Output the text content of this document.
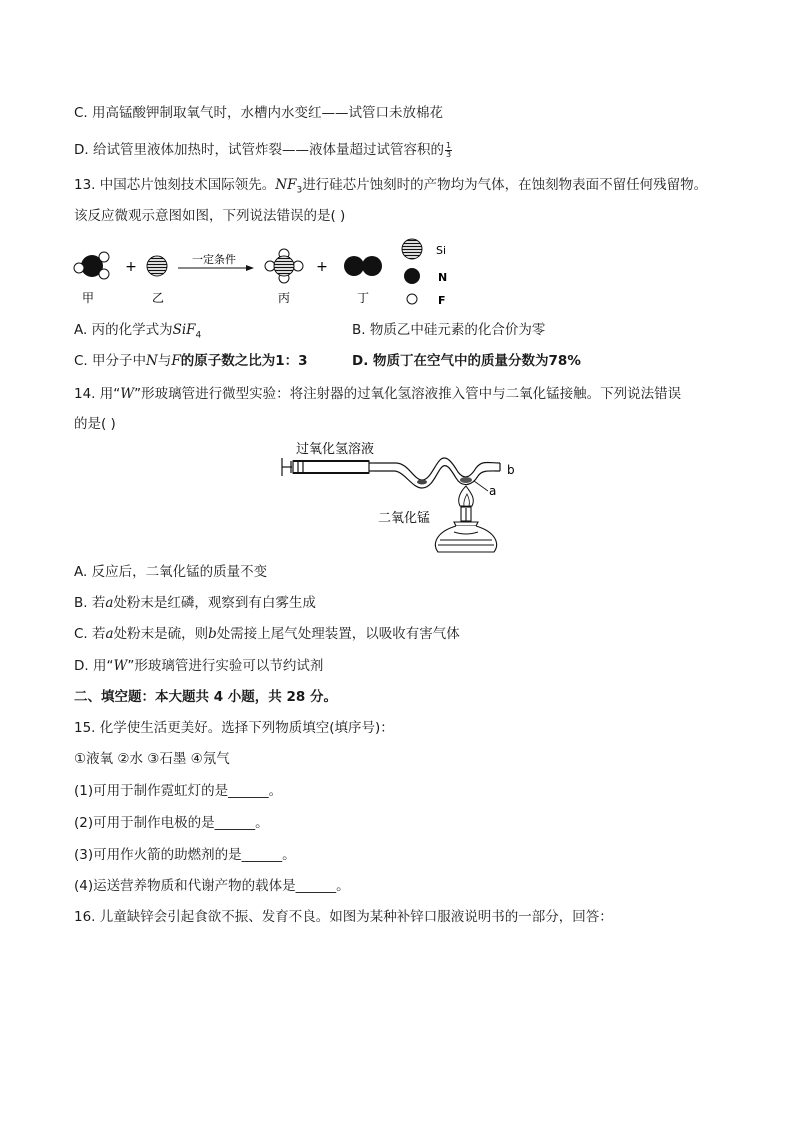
C. 用高锰酸钾制取氧气时，水槽内水变红——试管口未放棉花
D. 给试管里液体加热时，试管炸裂——液体量超过试管容积的 $\frac{1}{3}$
13. 中国芯片蚀刻技术国际领先。$NF_3$进行硅芯片蚀刻时的产物均为气体，在蚀刻物表面不留任何残留物。
该反应微观示意图如图，下列说法错误的是( )
+	一定条件	+
Si
N
F
甲	乙	丙	丁
A. 丙的化学式为SiF$_4$	B. 物质乙中硅元素的化合价为零
C. 甲分子中N与F的原子数之比为1：3	D. 物质丁在空气中的质量分数为78%
14. 用“W”形玻璃管进行微型实验：将注射器的过氧化氢溶液推入管中与二氧化锰接触。下列说法错误
的是( )
过氧化氢溶液
b
a
二氧化锰
A. 反应后，二氧化锰的质量不变
B. 若a处粉末是红磷，观察到有白雾生成
C. 若a处粉末是硫，则b处需接上尾气处理装置，以吸收有害气体
D. 用“W”形玻璃管进行实验可以节约试剂
二、填空题：本大题共 4 小题，共 28 分。
15. 化学使生活更美好。选择下列物质填空(填序号)：
①液氧 ②水 ③石墨 ④氖气
(1)可用于制作霓虹灯的是______。
(2)可用于制作电极的是______。
(3)可用作火箭的助燃剂的是______。
(4)运送营养物质和代谢产物的载体是______。
16. 儿童缺锌会引起食欲不振、发育不良。如图为某种补锌口服液说明书的一部分，回答：
